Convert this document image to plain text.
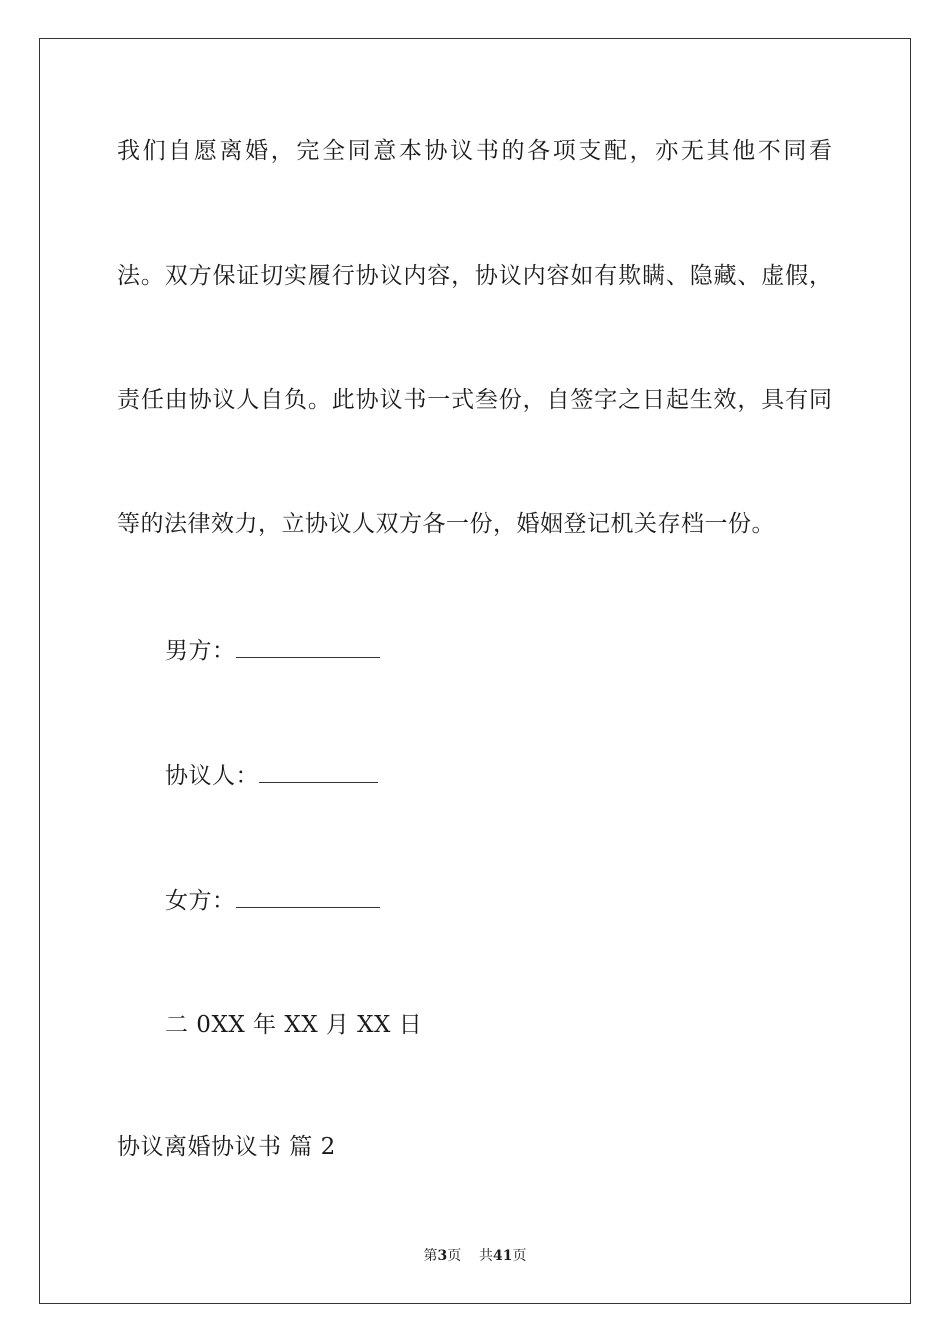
我们自愿离婚，完全同意本协议书的各项支配，亦无其他不同看
法。双方保证切实履行协议内容，协议内容如有欺瞒、隐藏、虚假，
责任由协议人自负。此协议书一式叁份，自签字之日起生效，具有同
等的法律效力，立协议人双方各一份，婚姻登记机关存档一份。
男方：
协议人：
女方：
二 0XX 年 XX 月 XX 日
协议离婚协议书 篇 2
第3页 共41页
